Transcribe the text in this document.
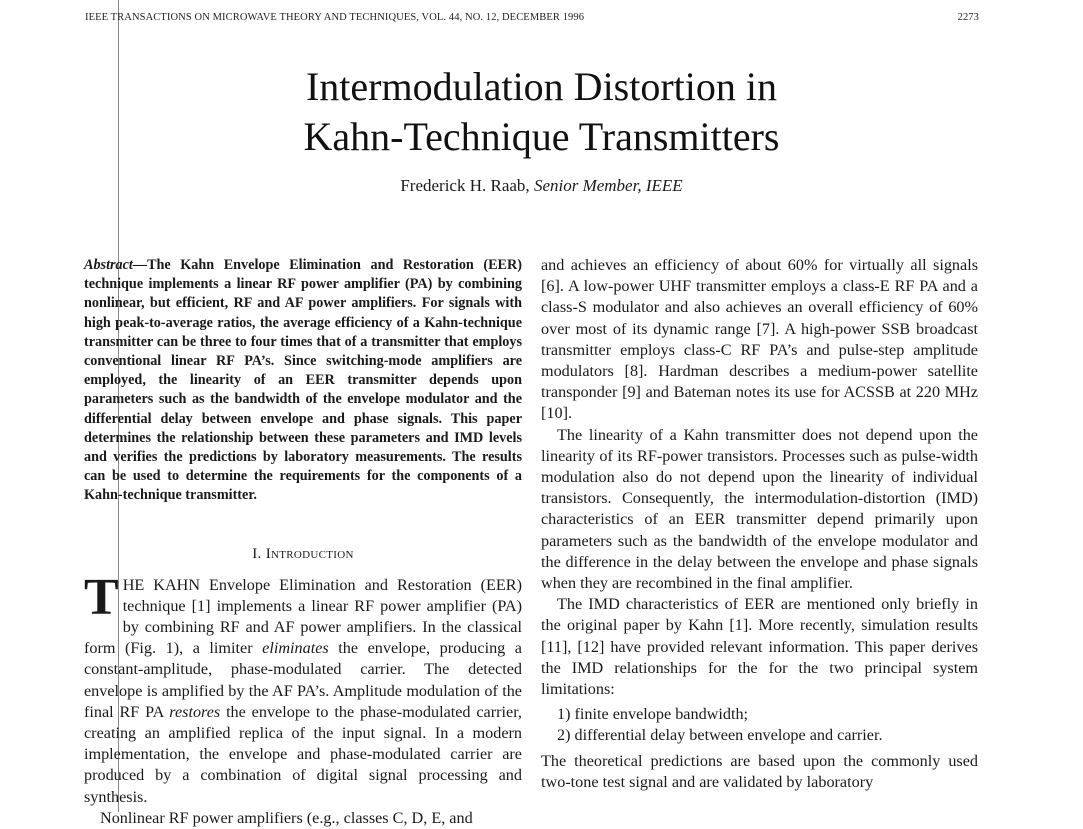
IEEE TRANSACTIONS ON MICROWAVE THEORY AND TECHNIQUES, VOL. 44, NO. 12, DECEMBER 1996	2273
Intermodulation Distortion in
Kahn-Technique Transmitters
Frederick H. Raab, Senior Member, IEEE

Abstract—The Kahn Envelope Elimination and Restoration (EER) technique implements a linear RF power amplifier (PA) by combining nonlinear, but efficient, RF and AF power amplifiers. For signals with high peak-to-average ratios, the average efficiency of a Kahn-technique transmitter can be three to four times that of a transmitter that employs conventional linear RF PA’s. Since switching-mode amplifiers are employed, the linearity of an EER transmitter depends upon parameters such as the bandwidth of the envelope modulator and the differential delay between envelope and phase signals. This paper determines the relationship between these parameters and IMD levels and verifies the predictions by laboratory measurements. The results can be used to determine the requirements for the components of a Kahn-technique transmitter.

I. Introduction

THE KAHN Envelope Elimination and Restoration (EER) technique [1] implements a linear RF power amplifier (PA) by combining RF and AF power amplifiers. In the classical form (Fig. 1), a limiter eliminates the envelope, producing a constant-amplitude, phase-modulated carrier. The detected envelope is amplified by the AF PA’s. Amplitude modulation of the final RF PA restores the envelope to the phase-modulated carrier, creating an amplified replica of the input signal. In a modern implementation, the envelope and phase-modulated carrier are produced by a combination of digital signal processing and synthesis.

Nonlinear RF power amplifiers (e.g., classes C, D, E, and

and achieves an efficiency of about 60% for virtually all signals [6]. A low-power UHF transmitter employs a class-E RF PA and a class-S modulator and also achieves an overall efficiency of 60% over most of its dynamic range [7]. A high-power SSB broadcast transmitter employs class-C RF PA’s and pulse-step amplitude modulators [8]. Hardman describes a medium-power satellite transponder [9] and Bateman notes its use for ACSSB at 220 MHz [10].

The linearity of a Kahn transmitter does not depend upon the linearity of its RF-power transistors. Processes such as pulse-width modulation also do not depend upon the linearity of individual transistors. Consequently, the intermodulation-distortion (IMD) characteristics of an EER transmitter depend primarily upon parameters such as the bandwidth of the envelope modulator and the difference in the delay between the envelope and phase signals when they are recombined in the final amplifier.

The IMD characteristics of EER are mentioned only briefly in the original paper by Kahn [1]. More recently, simulation results [11], [12] have provided relevant information. This paper derives the IMD relationships for the for the two principal system limitations:

1) finite envelope bandwidth;
2) differential delay between envelope and carrier.

The theoretical predictions are based upon the commonly used two-tone test signal and are validated by laboratory
